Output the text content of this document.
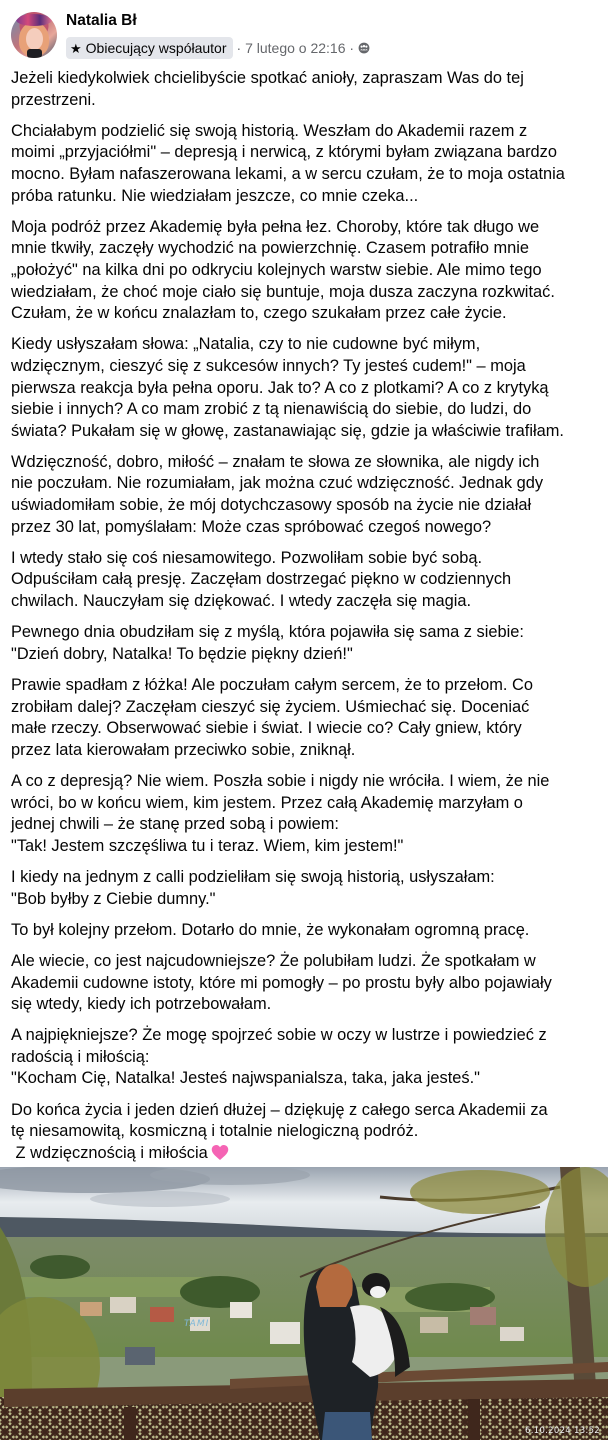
Natalia Bł
★ Obiecujący współautor · 7 lutego o 22:16 ·
Jeżeli kiedykolwiek chcielibyście spotkać anioły, zapraszam Was do tej
przestrzeni.
Chciałabym podzielić się swoją historią. Weszłam do Akademii razem z
moimi „przyjaciółmi" – depresją i nerwicą, z którymi byłam związana bardzo
mocno. Byłam nafaszerowana lekami, a w sercu czułam, że to moja ostatnia
próba ratunku. Nie wiedziałam jeszcze, co mnie czeka...
Moja podróż przez Akademię była pełna łez. Choroby, które tak długo we
mnie tkwiły, zaczęły wychodzić na powierzchnię. Czasem potrafiło mnie
„położyć" na kilka dni po odkryciu kolejnych warstw siebie. Ale mimo tego
wiedziałam, że choć moje ciało się buntuje, moja dusza zaczyna rozkwitać.
Czułam, że w końcu znalazłam to, czego szukałam przez całe życie.
Kiedy usłyszałam słowa: „Natalia, czy to nie cudowne być miłym,
wdzięcznym, cieszyć się z sukcesów innych? Ty jesteś cudem!" – moja
pierwsza reakcja była pełna oporu. Jak to? A co z plotkami? A co z krytyką
siebie i innych? A co mam zrobić z tą nienawiścią do siebie, do ludzi, do
świata? Pukałam się w głowę, zastanawiając się, gdzie ja właściwie trafiłam.
Wdzięczność, dobro, miłość – znałam te słowa ze słownika, ale nigdy ich
nie poczułam. Nie rozumiałam, jak można czuć wdzięczność. Jednak gdy
uświadomiłam sobie, że mój dotychczasowy sposób na życie nie działał
przez 30 lat, pomyślałam: Może czas spróbować czegoś nowego?
I wtedy stało się coś niesamowitego. Pozwoliłam sobie być sobą.
Odpuściłam całą presję. Zaczęłam dostrzegać piękno w codziennych
chwilach. Nauczyłam się dziękować. I wtedy zaczęła się magia.
Pewnego dnia obudziłam się z myślą, która pojawiła się sama z siebie:
"Dzień dobry, Natalka! To będzie piękny dzień!"
Prawie spadłam z łóżka! Ale poczułam całym sercem, że to przełom. Co
zrobiłam dalej? Zaczęłam cieszyć się życiem. Uśmiechać się. Doceniać
małe rzeczy. Obserwować siebie i świat. I wiecie co? Cały gniew, który
przez lata kierowałam przeciwko sobie, zniknął.
A co z depresją? Nie wiem. Poszła sobie i nigdy nie wróciła. I wiem, że nie
wróci, bo w końcu wiem, kim jestem. Przez całą Akademię marzyłam o
jednej chwili – że stanę przed sobą i powiem:
"Tak! Jestem szczęśliwa tu i teraz. Wiem, kim jestem!"
I kiedy na jednym z calli podzieliłam się swoją historią, usłyszałam:
"Bob byłby z Ciebie dumny."
To był kolejny przełom. Dotarło do mnie, że wykonałam ogromną pracę.
Ale wiecie, co jest najcudowniejsze? Że polubiłam ludzi. Że spotkałam w
Akademii cudowne istoty, które mi pomogły – po prostu były albo pojawiały
się wtedy, kiedy ich potrzebowałam.
A najpiękniejsze? Że mogę spojrzeć sobie w oczy w lustrze i powiedzieć z
radością i miłością:
"Kocham Cię, Natalka! Jesteś najwspanialsza, taka, jaka jesteś."
Do końca życia i jeden dzień dłużej – dziękuję z całego serca Akademii za
tę niesamowitą, kosmiczną i totalnie nielogiczną podróż.
Z wdzięcznością i miłościa
6.10.2024 13:52
TAMI
